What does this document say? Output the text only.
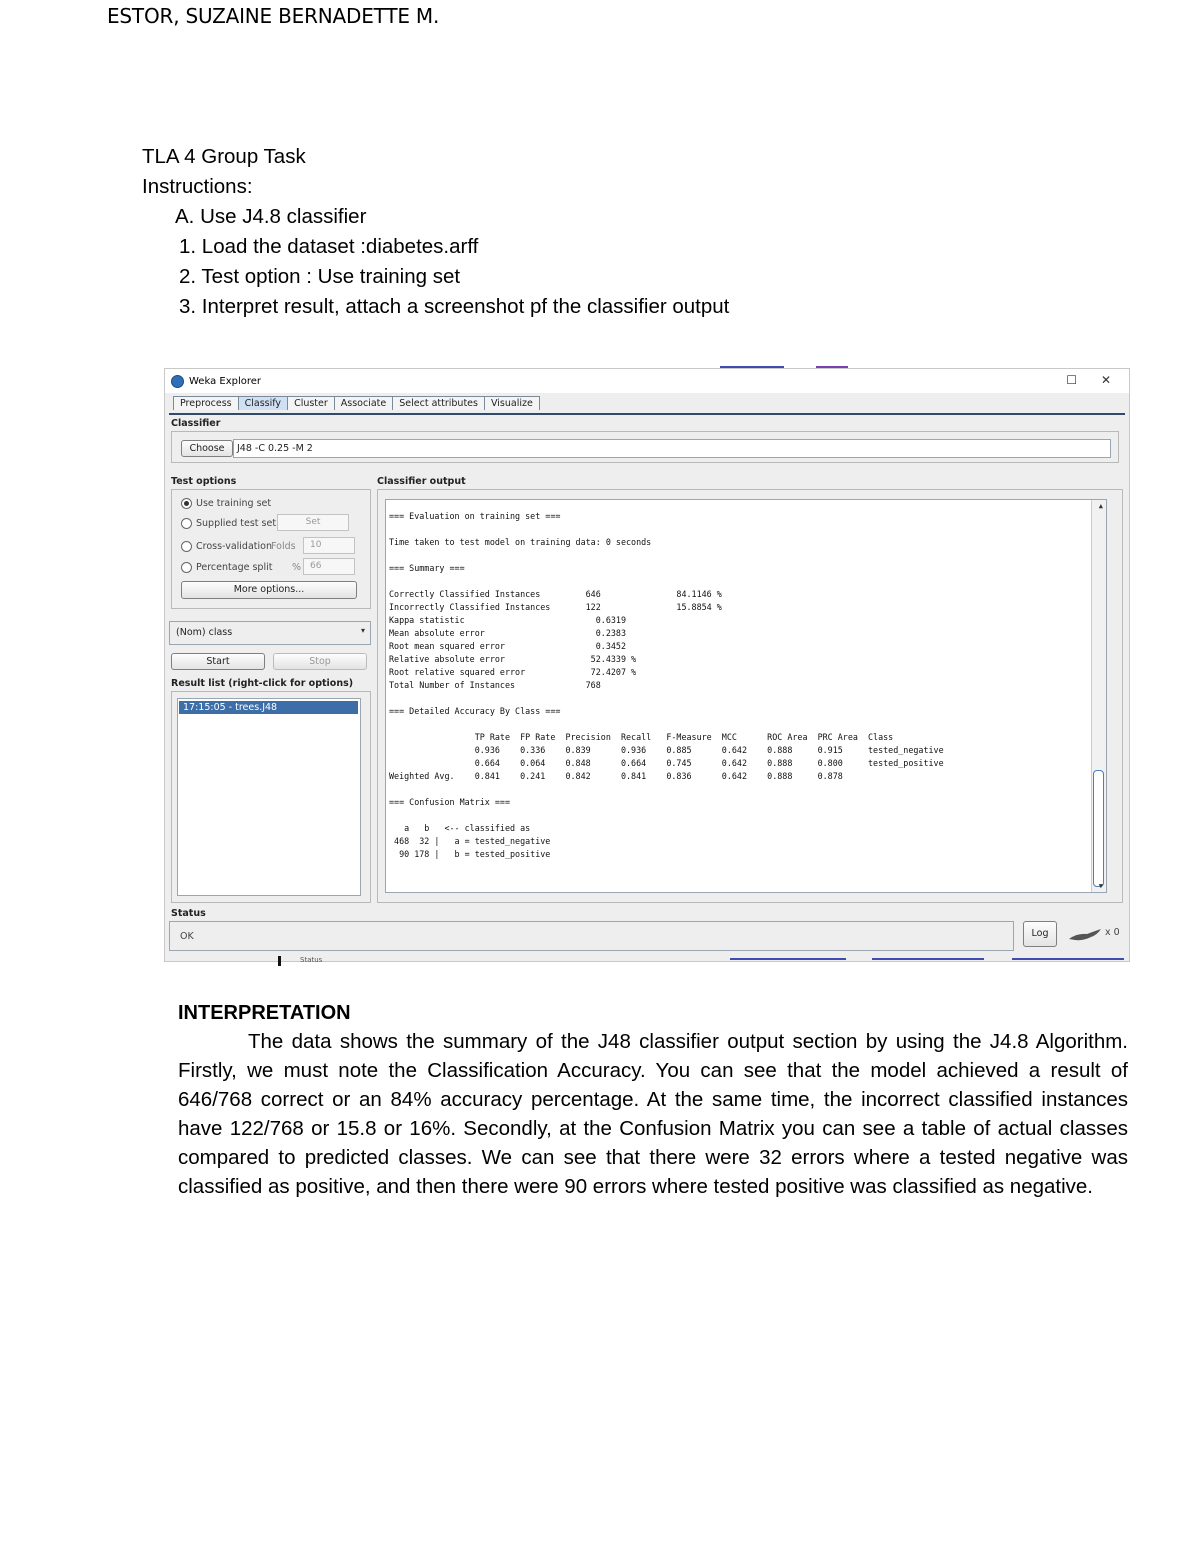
ESTOR, SUZAINE BERNADETTE M.
TLA 4 Group Task
Instructions:
A. Use J4.8 classifier
1. Load the dataset :diabetes.arff
2. Test option : Use training set
3. Interpret result, attach a screenshot pf the classifier output
Weka Explorer	☐ ✕
Preprocess	Classify	Cluster	Associate	Select attributes	Visualize
Classifier
Choose	J48 -C 0.25 -M 2
Test options
Use training set
Supplied test set	Set
Cross-validation Folds	10
Percentage split % 66
More options...
(Nom) class	▾
Start	Stop
Result list (right-click for options)
17:15:05 - trees.J48
Classifier output
=== Evaluation on training set ===

Time taken to test model on training data: 0 seconds

=== Summary ===

Correctly Classified Instances         646               84.1146 %
Incorrectly Classified Instances       122               15.8854 %
Kappa statistic                          0.6319
Mean absolute error                      0.2383
Root mean squared error                  0.3452
Relative absolute error                 52.4339 %
Root relative squared error             72.4207 %
Total Number of Instances              768

=== Detailed Accuracy By Class ===

TP Rate  FP Rate  Precision  Recall   F-Measure  MCC      ROC Area  PRC Area  Class
0.936    0.336    0.839      0.936    0.885      0.642    0.888     0.915     tested_negative
0.664    0.064    0.848      0.664    0.745      0.642    0.888     0.800     tested_positive
Weighted Avg.    0.841    0.241    0.842      0.841    0.836      0.642    0.888     0.878

=== Confusion Matrix ===

a   b   <-- classified as
468  32 |   a = tested_negative
90 178 |   b = tested_positive
▲
▼
Status
OK	Log	x 0
Status
INTERPRETATION
The data shows the summary of the J48 classifier output section by using the J4.8 Algorithm. Firstly, we must note the Classification Accuracy. You can see that the model achieved a result of 646/768 correct or an 84% accuracy percentage. At the same time, the incorrect classified instances have 122/768 or 15.8 or 16%. Secondly, at the Confusion Matrix you can see a table of actual classes compared to predicted classes. We can see that there were 32 errors where a tested negative was classified as positive, and then there were 90 errors where tested positive was classified as negative.
